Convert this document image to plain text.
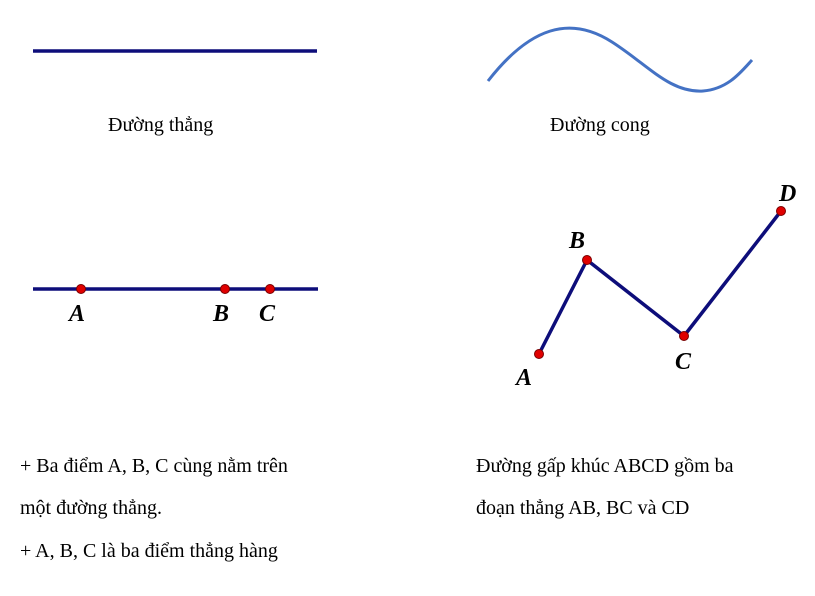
A	B C
A
B
C
D
Đường thẳng	Đường cong
+ Ba điểm A, B, C cùng nằm trên
một đường thẳng.
+ A, B, C là ba điểm thẳng hàng
Đường gấp khúc ABCD gồm ba
đoạn thẳng AB, BC và CD
